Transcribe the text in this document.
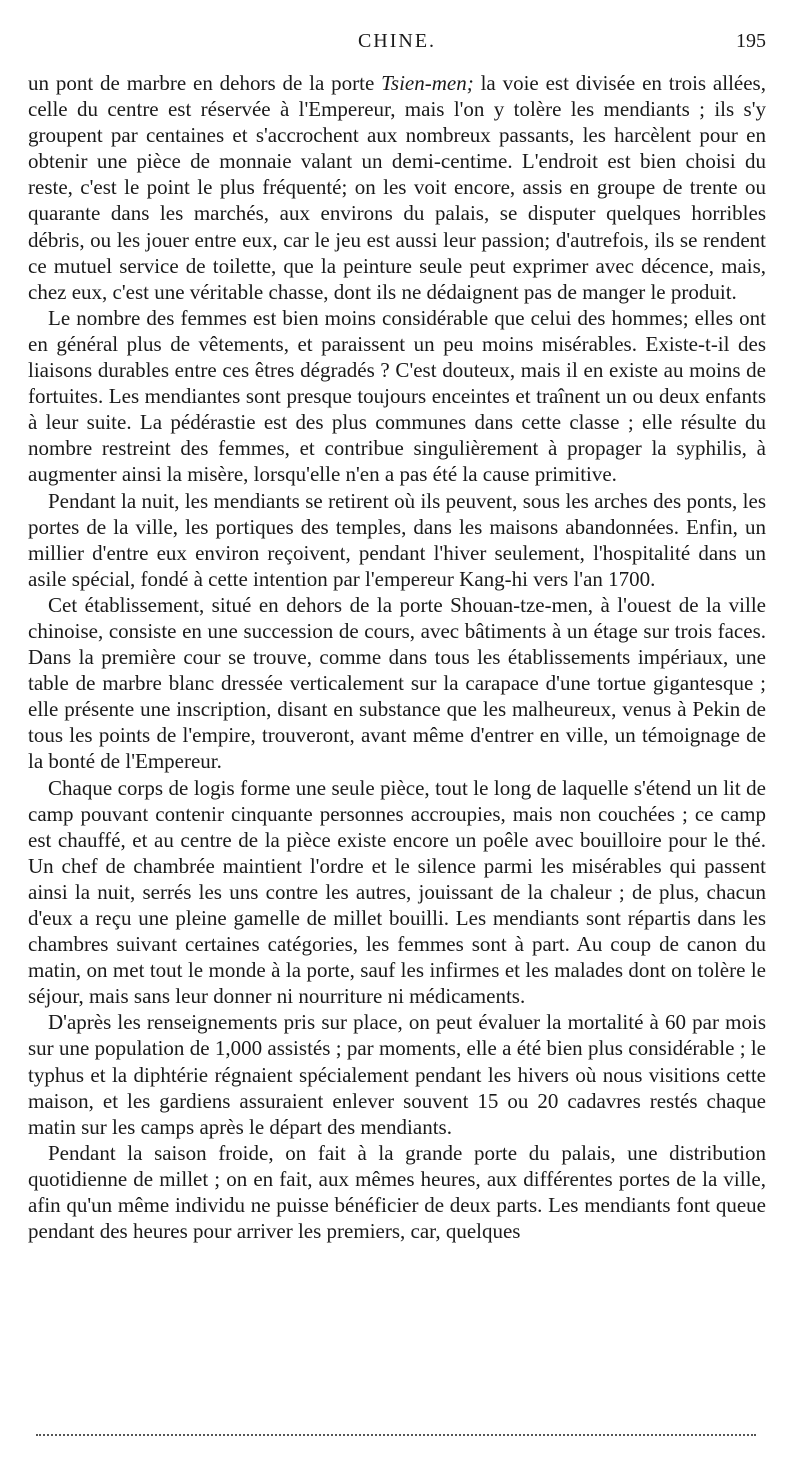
CHINE.	195

un pont de marbre en dehors de la porte Tsien-men; la voie est divisée en trois allées, celle du centre est réservée à l'Empereur, mais l'on y tolère les mendiants ; ils s'y groupent par centaines et s'accrochent aux nombreux passants, les harcèlent pour en obtenir une pièce de monnaie valant un demi-centime. L'endroit est bien choisi du reste, c'est le point le plus fréquenté; on les voit encore, assis en groupe de trente ou quarante dans les marchés, aux environs du palais, se disputer quelques horribles débris, ou les jouer entre eux, car le jeu est aussi leur passion; d'autrefois, ils se rendent ce mutuel service de toilette, que la peinture seule peut exprimer avec décence, mais, chez eux, c'est une véritable chasse, dont ils ne dédaignent pas de manger le produit.

Le nombre des femmes est bien moins considérable que celui des hommes; elles ont en général plus de vêtements, et paraissent un peu moins misérables. Existe-t-il des liaisons durables entre ces êtres dégradés ? C'est douteux, mais il en existe au moins de fortuites. Les mendiantes sont presque toujours enceintes et traînent un ou deux enfants à leur suite. La pédérastie est des plus communes dans cette classe ; elle résulte du nombre restreint des femmes, et contribue singulièrement à propager la syphilis, à augmenter ainsi la misère, lorsqu'elle n'en a pas été la cause primitive.

Pendant la nuit, les mendiants se retirent où ils peuvent, sous les arches des ponts, les portes de la ville, les portiques des temples, dans les maisons abandonnées. Enfin, un millier d'entre eux environ reçoivent, pendant l'hiver seulement, l'hospitalité dans un asile spécial, fondé à cette intention par l'empereur Kang-hi vers l'an 1700.

Cet établissement, situé en dehors de la porte Shouan-tze-men, à l'ouest de la ville chinoise, consiste en une succession de cours, avec bâtiments à un étage sur trois faces. Dans la première cour se trouve, comme dans tous les établissements impériaux, une table de marbre blanc dressée verticalement sur la carapace d'une tortue gigantesque ; elle présente une inscription, disant en substance que les malheureux, venus à Pekin de tous les points de l'empire, trouveront, avant même d'entrer en ville, un témoignage de la bonté de l'Empereur.

Chaque corps de logis forme une seule pièce, tout le long de laquelle s'étend un lit de camp pouvant contenir cinquante personnes accroupies, mais non couchées ; ce camp est chauffé, et au centre de la pièce existe encore un poêle avec bouilloire pour le thé. Un chef de chambrée maintient l'ordre et le silence parmi les misérables qui passent ainsi la nuit, serrés les uns contre les autres, jouissant de la chaleur ; de plus, chacun d'eux a reçu une pleine gamelle de millet bouilli. Les mendiants sont répartis dans les chambres suivant certaines catégories, les femmes sont à part. Au coup de canon du matin, on met tout le monde à la porte, sauf les infirmes et les malades dont on tolère le séjour, mais sans leur donner ni nourriture ni médicaments.

D'après les renseignements pris sur place, on peut évaluer la mortalité à 60 par mois sur une population de 1,000 assistés ; par moments, elle a été bien plus considérable ; le typhus et la diphtérie régnaient spécialement pendant les hivers où nous visitions cette maison, et les gardiens assuraient enlever souvent 15 ou 20 cadavres restés chaque matin sur les camps après le départ des mendiants.

Pendant la saison froide, on fait à la grande porte du palais, une distribution quotidienne de millet ; on en fait, aux mêmes heures, aux différentes portes de la ville, afin qu'un même individu ne puisse bénéficier de deux parts. Les mendiants font queue pendant des heures pour arriver les premiers, car, quelques
